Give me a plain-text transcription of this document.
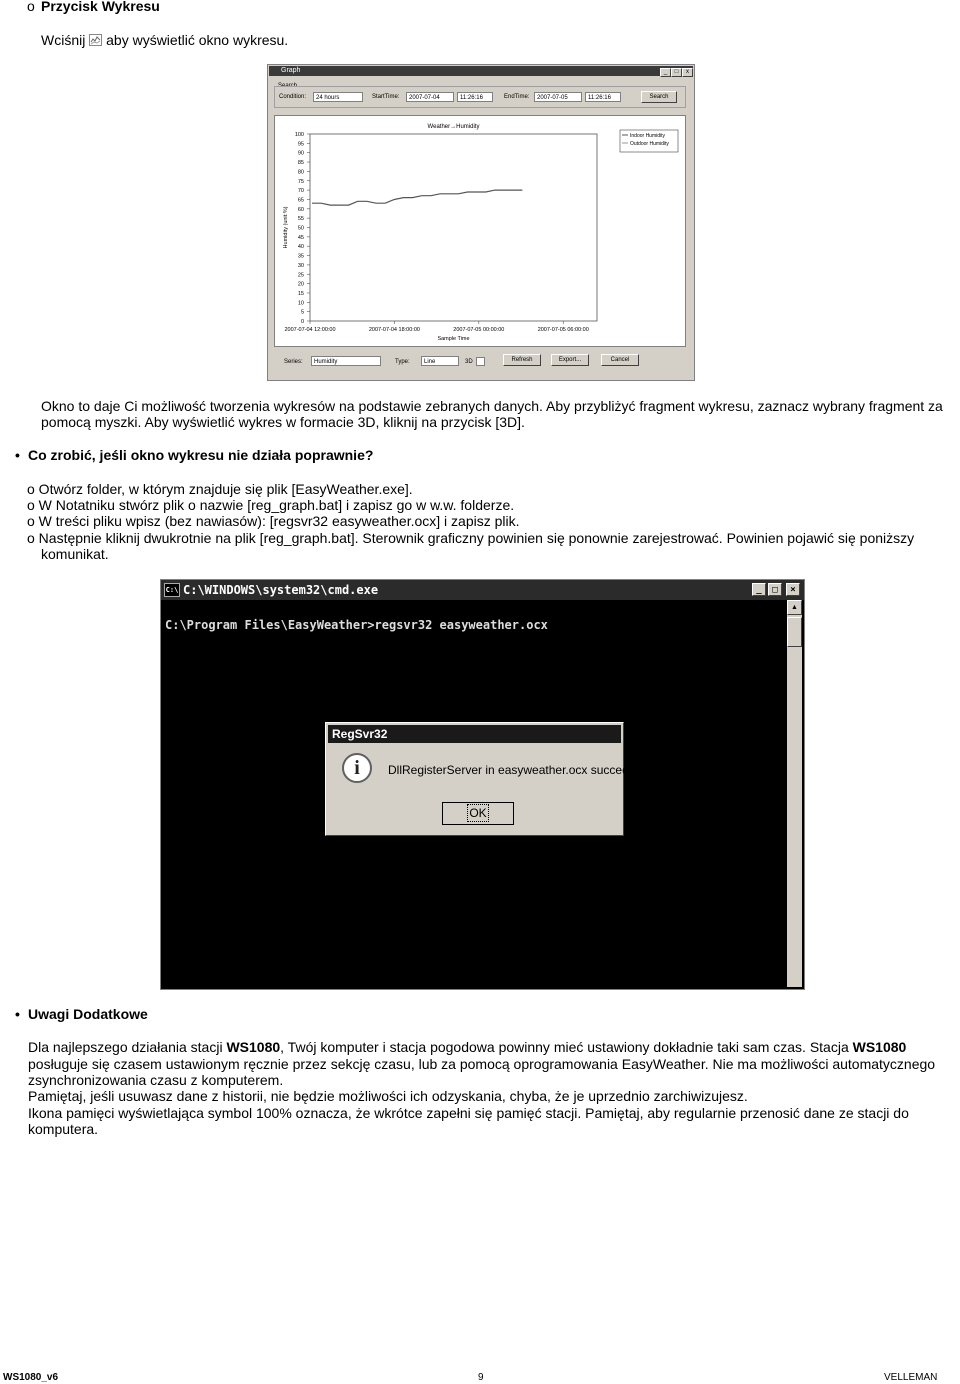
o Przycisk Wykresu
Wciśnij aby wyświetlić okno wykresu.
Graph	_	□	x
Search
Condition:	24 hours	StartTime:	2007-07-04	11:26:16	EndTime:	2007-07-05	11:26:16	Search
100
95
90
85
80
75
70
65
60
55
50
45
40
35
30
25
20
15
10
5
0
2007-07-04 12:00:00	2007-07-04 18:00:00	2007-07-05 00:00:00	2007-07-05 06:00:00
Weather→Humidity
Sample Time
Humidity (unit:%)
Indoor Humidity
Outdoor Humidity
Series:	Humidity	Type:	Line	3D	Refresh	Export...	Cancel
Okno to daje Ci możliwość tworzenia wykresów na podstawie zebranych danych. Aby przybliżyć fragment wykresu, zaznacz wybrany fragment za
pomocą myszki. Aby wyświetlić wykres w formacie 3D, kliknij na przycisk [3D].
• Co zrobić, jeśli okno wykresu nie działa poprawnie?
o Otwórz folder, w którym znajduje się plik [EasyWeather.exe].
o W Notatniku stwórz plik o nazwie [reg_graph.bat] i zapisz go w w.w. folderze.
o W treści pliku wpisz (bez nawiasów): [regsvr32 easyweather.ocx] i zapisz plik.
o Następnie kliknij dwukrotnie na plik [reg_graph.bat]. Sterownik graficzny powinien się ponownie zarejestrować. Powinien pojawić się poniższy
komunikat.
C:\ C:\WINDOWS\system32\cmd.exe	_	□	×
C:\Program Files\EasyWeather>regsvr32 easyweather.ocx
▲
RegSvr32
i	DllRegisterServer in easyweather.ocx succeeded.
OK
• Uwagi Dodatkowe
Dla najlepszego działania stacji WS1080, Twój komputer i stacja pogodowa powinny mieć ustawiony dokładnie taki sam czas. Stacja WS1080
posługuje się czasem ustawionym ręcznie przez sekcję czasu, lub za pomocą oprogramowania EasyWeather. Nie ma możliwości automatycznego
zsynchronizowania czasu z komputerem.
Pamiętaj, jeśli usuwasz dane z historii, nie będzie możliwości ich odzyskania, chyba, że je uprzednio zarchiwizujesz.
Ikona pamięci wyświetlająca symbol 100% oznacza, że wkrótce zapełni się pamięć stacji. Pamiętaj, aby regularnie przenosić dane ze stacji do
komputera.
WS1080_v6	9	VELLEMAN
